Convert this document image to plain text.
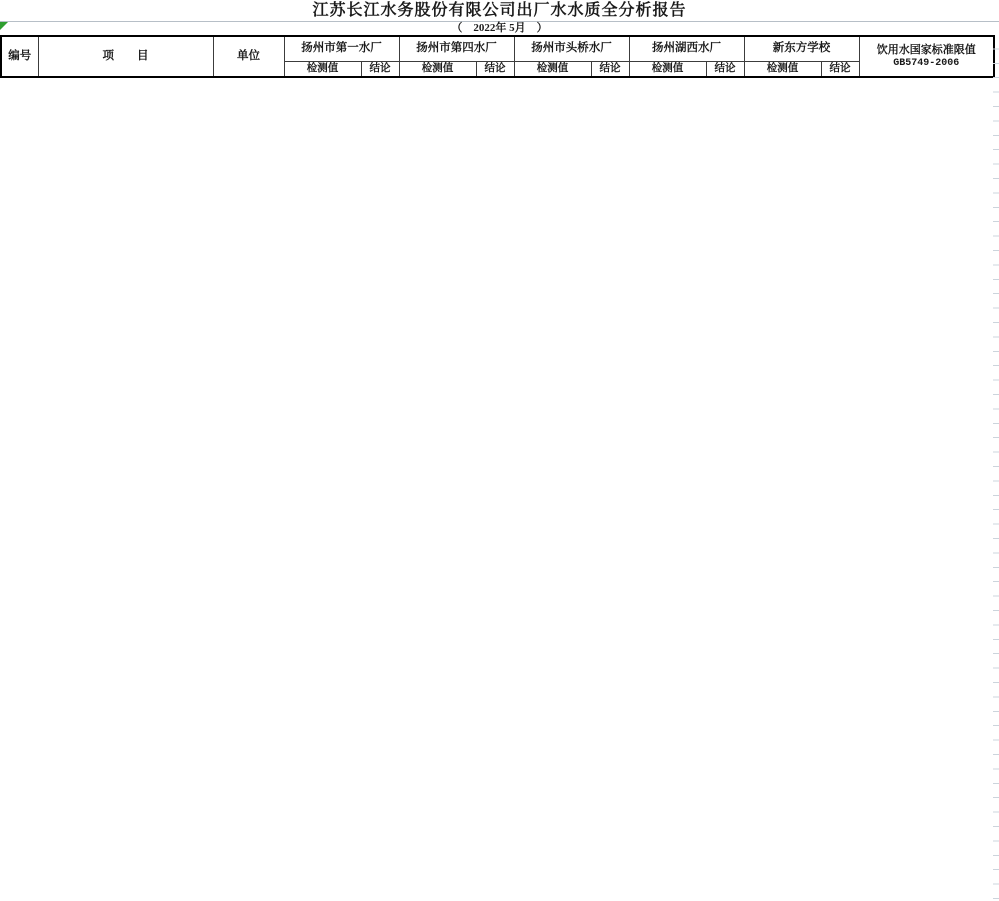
江苏长江水务股份有限公司出厂水水质全分析报告
（　2022年 5月　）
编号	项　　目	单位	扬州市第一水厂		扬州市第四水厂		扬州市头桥水厂		扬州湖西水厂		新东方学校		饮用水国家标准限值
GB5749-2006

			检测值	结论	检测值	结论	检测值	结论	检测值	结论	检测值	结论	
